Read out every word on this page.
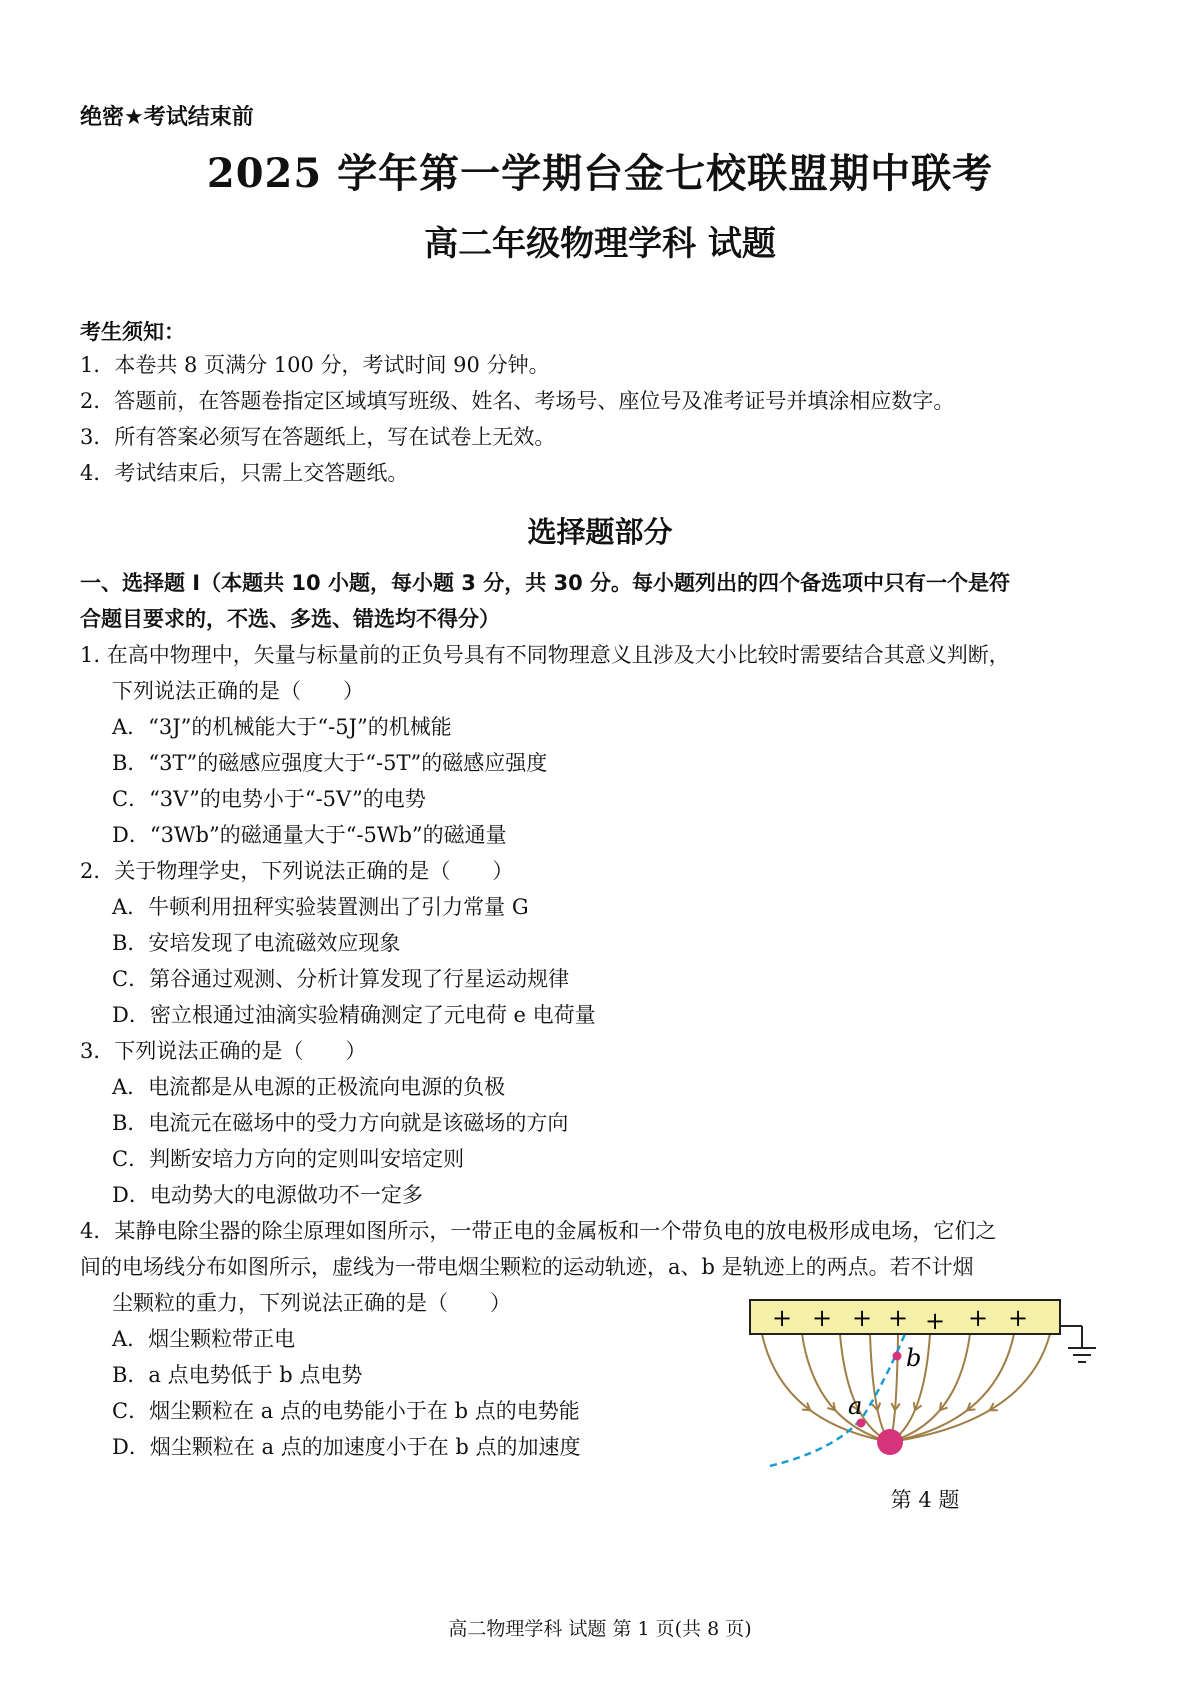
绝密★考试结束前
2025 学年第一学期台金七校联盟期中联考
高二年级物理学科 试题
考生须知：
1．本卷共 8 页满分 100 分，考试时间 90 分钟。
2．答题前，在答题卷指定区域填写班级、姓名、考场号、座位号及准考证号并填涂相应数字。
3．所有答案必须写在答题纸上，写在试卷上无效。
4．考试结束后，只需上交答题纸。
选择题部分
一、选择题 I（本题共 10 小题，每小题 3 分，共 30 分。每小题列出的四个备选项中只有一个是符
合题目要求的，不选、多选、错选均不得分）
1. 在高中物理中，矢量与标量前的正负号具有不同物理意义且涉及大小比较时需要结合其意义判断，
下列说法正确的是（　　）
A．“3J”的机械能大于“-5J”的机械能
B．“3T”的磁感应强度大于“-5T”的磁感应强度
C．“3V”的电势小于“-5V”的电势
D．“3Wb”的磁通量大于“-5Wb”的磁通量
2．关于物理学史，下列说法正确的是（　　）
A．牛顿利用扭秤实验装置测出了引力常量 G
B．安培发现了电流磁效应现象
C．第谷通过观测、分析计算发现了行星运动规律
D．密立根通过油滴实验精确测定了元电荷 e 电荷量
3．下列说法正确的是（　　）
A．电流都是从电源的正极流向电源的负极
B．电流元在磁场中的受力方向就是该磁场的方向
C．判断安培力方向的定则叫安培定则
D．电动势大的电源做功不一定多
4．某静电除尘器的除尘原理如图所示，一带正电的金属板和一个带负电的放电极形成电场，它们之
间的电场线分布如图所示，虚线为一带电烟尘颗粒的运动轨迹，a、b 是轨迹上的两点。若不计烟
尘颗粒的重力，下列说法正确的是（　　）
A．烟尘颗粒带正电
B．a 点电势低于 b 点电势
C．烟尘颗粒在 a 点的电势能小于在 b 点的电势能
D．烟尘颗粒在 a 点的加速度小于在 b 点的加速度
+ + + + + + +
a
b
第 4 题
高二物理学科 试题 第 1 页(共 8 页)
